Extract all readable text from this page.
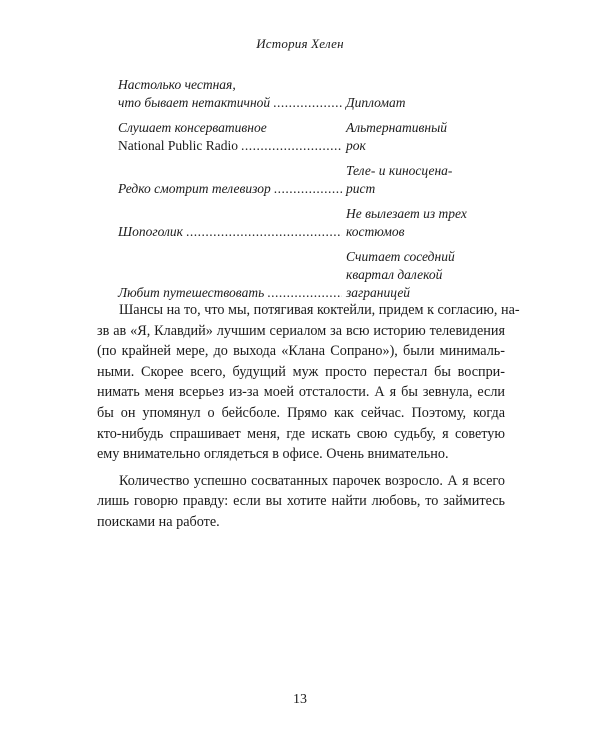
История Хелен
Настолько честная,
что бывает нетактичной
.....	Дипломат
Слушает консервативное
National Public Radio
.....
Альтернативный
рок
Редко смотрит телевизор
.....
Теле- и киносцена-
рист
Шопоголик
.....
Не вылезает из трех
костюмов
Любит путешествовать
.....
Считает соседний
квартал далекой
заграницей

Шансы на то, что мы, потягивая коктейли, придем к согласию, на-
зв ав «Я, Клавдий» лучшим сериалом за всю историю телевидения
(по крайней мере, до выхода «Клана Сопрано»), были минималь-
ными. Скорее всего, будущий муж просто перестал бы воспри-
нимать меня всерьез из-за моей отсталости. А я бы зевнула, если
бы он упомянул о бейсболе. Прямо как сейчас. Поэтому, когда
кто-нибудь спрашивает меня, где искать свою судьбу, я советую
ему внимательно оглядеться в офисе. Очень внимательно.

Количество успешно сосватанных парочек возросло. А я всего
лишь говорю правду: если вы хотите найти любовь, то займитесь
поисками на работе.

13
